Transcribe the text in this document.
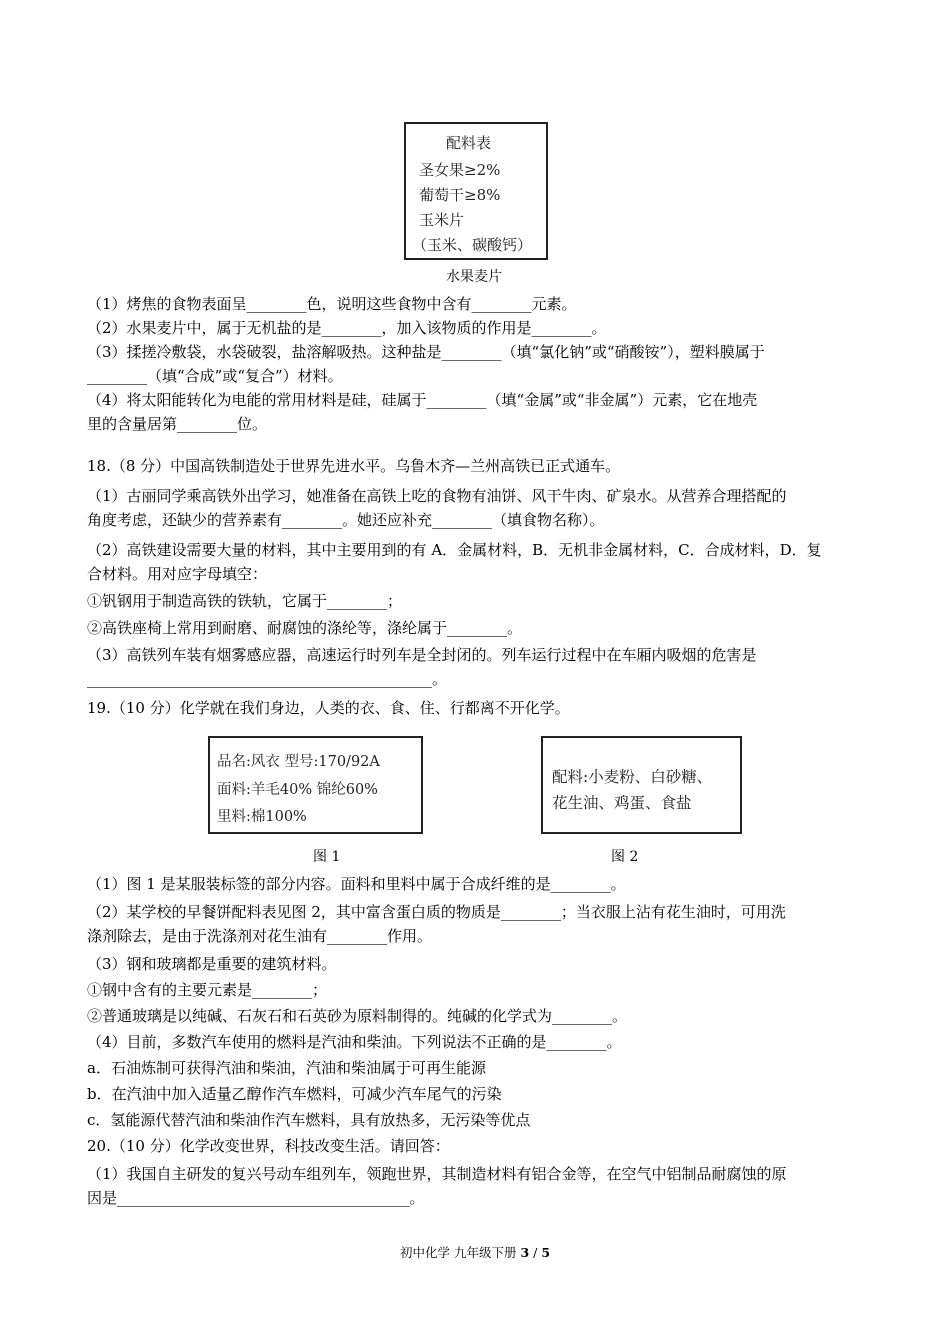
配料表
圣女果≥2%
葡萄干≥8%
玉米片
（玉米、碳酸钙）
水果麦片

（1）烤焦的食物表面呈________色，说明这些食物中含有________元素。

（2）水果麦片中，属于无机盐的是________，加入该物质的作用是________。

（3）揉搓冷敷袋，水袋破裂，盐溶解吸热。这种盐是________（填“氯化钠”或“硝酸铵”），塑料膜属于

________（填“合成”或“复合”）材料。

（4）将太阳能转化为电能的常用材料是硅，硅属于________（填“金属”或“非金属”）元素，它在地壳

里的含量居第________位。

18.（8 分）中国高铁制造处于世界先进水平。乌鲁木齐—兰州高铁已正式通车。

（1）古丽同学乘高铁外出学习，她准备在高铁上吃的食物有油饼、风干牛肉、矿泉水。从营养合理搭配的

角度考虑，还缺少的营养素有________。她还应补充________（填食物名称）。

（2）高铁建设需要大量的材料，其中主要用到的有 A．金属材料，B．无机非金属材料，C．合成材料，D．复

合材料。用对应字母填空：

①钒钢用于制造高铁的铁轨，它属于________；

②高铁座椅上常用到耐磨、耐腐蚀的涤纶等，涤纶属于________。

（3）高铁列车装有烟雾感应器，高速运行时列车是全封闭的。列车运行过程中在车厢内吸烟的危害是

______________________________________________。

19.（10 分）化学就在我们身边，人类的衣、食、住、行都离不开化学。

品名:风衣 型号:170/92A
面料:羊毛40% 锦纶60%
里料:棉100%
图 1
配料:小麦粉、白砂糖、
花生油、鸡蛋、食盐
图 2

（1）图 1 是某服装标签的部分内容。面料和里料中属于合成纤维的是________。

（2）某学校的早餐饼配料表见图 2，其中富含蛋白质的物质是________；当衣服上沾有花生油时，可用洗

涤剂除去，是由于洗涤剂对花生油有________作用。

（3）钢和玻璃都是重要的建筑材料。

①钢中含有的主要元素是________；

②普通玻璃是以纯碱、石灰石和石英砂为原料制得的。纯碱的化学式为________。

（4）目前，多数汽车使用的燃料是汽油和柴油。下列说法不正确的是________。

a．石油炼制可获得汽油和柴油，汽油和柴油属于可再生能源

b．在汽油中加入适量乙醇作汽车燃料，可减少汽车尾气的污染

c．氢能源代替汽油和柴油作汽车燃料，具有放热多，无污染等优点

20.（10 分）化学改变世界，科技改变生活。请回答：

（1）我国自主研发的复兴号动车组列车，领跑世界，其制造材料有铝合金等，在空气中铝制品耐腐蚀的原

因是_______________________________________。

初中化学 九年级下册 3 / 5
